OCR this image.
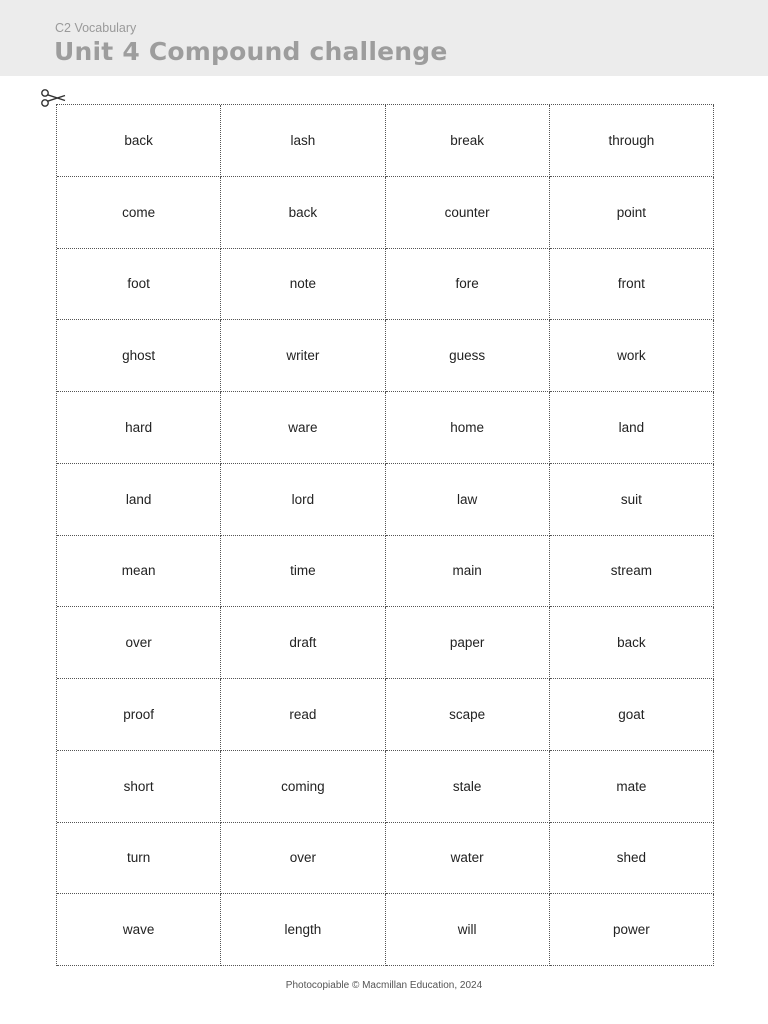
C2 Vocabulary
Unit 4 Compound challenge
back	lash	break	through
come	back	counter	point
foot	note	fore	front
ghost	writer	guess	work
hard	ware	home	land
land	lord	law	suit
mean	time	main	stream
over	draft	paper	back
proof	read	scape	goat
short	coming	stale	mate
turn	over	water	shed
wave	length	will	power
Photocopiable © Macmillan Education, 2024
